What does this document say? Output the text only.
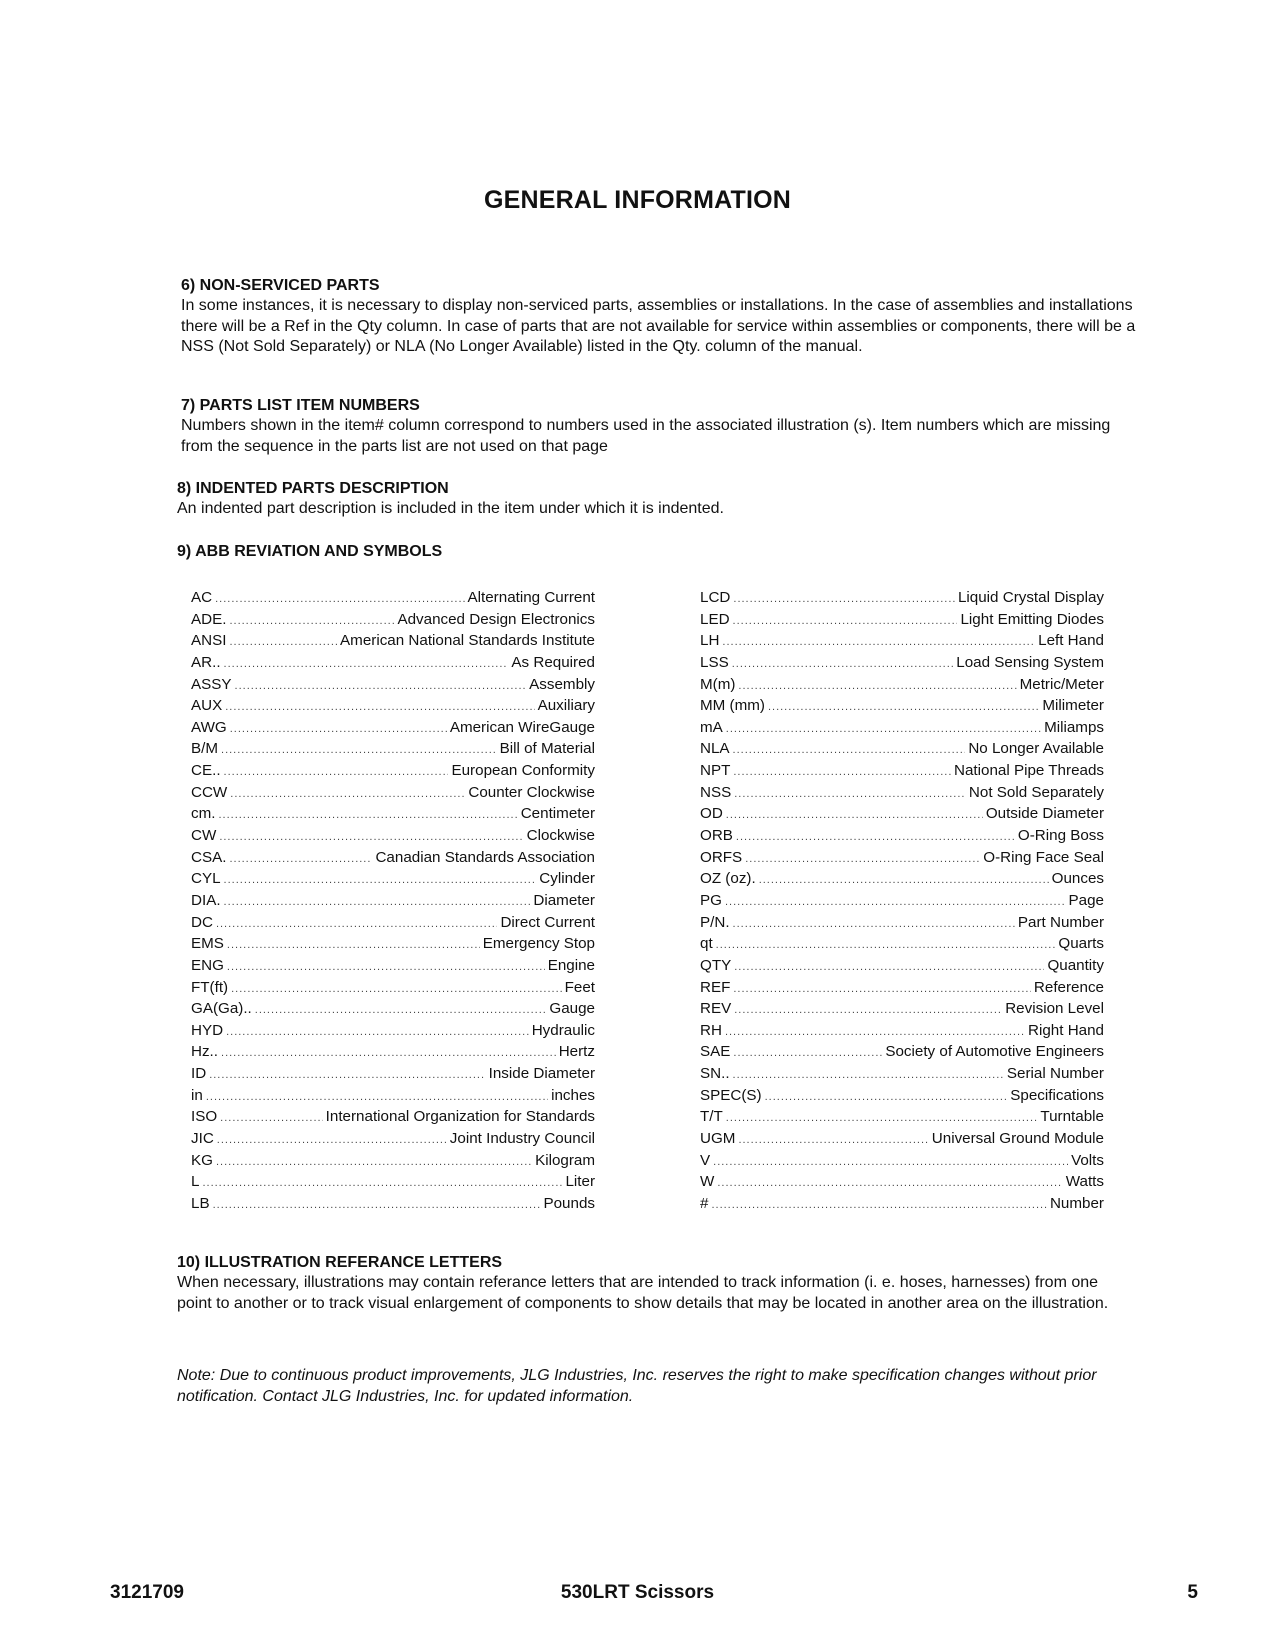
GENERAL INFORMATION

6) NON-SERVICED PARTS

In some instances, it is necessary to display non-serviced parts, assemblies or installations. In the case of assemblies and installations there will be a Ref in the Qty column. In case of parts that are not available for service within assemblies or components, there will be a NSS (Not Sold Separately) or NLA (No Longer Available) listed in the Qty. column of the manual.

7) PARTS LIST ITEM NUMBERS

Numbers shown in the item# column correspond to numbers used in the associated illustration (s). Item numbers which are missing from the sequence in the parts list are not used on that page

8) INDENTED PARTS DESCRIPTION

An indented part description is included in the item under which it is indented.

9) ABB REVIATION AND SYMBOLS

AC .....	Alternating Current
ADE. .....	Advanced Design Electronics
ANSI .....	American National Standards Institute
AR.. .....	As Required
ASSY .....	Assembly
AUX .....	Auxiliary
AWG .....	American WireGauge
B/M .....	Bill of Material
CE.. .....	European Conformity
CCW .....	Counter Clockwise
cm. .....	Centimeter
CW .....	Clockwise
CSA. .....	Canadian Standards Association
CYL .....	Cylinder
DIA. .....	Diameter
DC .....	Direct Current
EMS .....	Emergency Stop
ENG .....	Engine
FT(ft) .....	Feet
GA(Ga).. .....	Gauge
HYD .....	Hydraulic
Hz.. .....	Hertz
ID .....	Inside Diameter
in .....	inches
ISO .....	International Organization for Standards
JIC .....	Joint Industry Council
KG .....	Kilogram
L .....	Liter
LB .....	Pounds
LCD .....	Liquid Crystal Display
LED .....	Light Emitting Diodes
LH .....	Left Hand
LSS .....	Load Sensing System
M(m) .....	Metric/Meter
MM (mm) .....	Milimeter
mA .....	Miliamps
NLA .....	No Longer Available
NPT .....	National Pipe Threads
NSS .....	Not Sold Separately
OD .....	Outside Diameter
ORB .....	O-Ring Boss
ORFS .....	O-Ring Face Seal
OZ (oz). .....	Ounces
PG .....	Page
P/N. .....	Part Number
qt .....	Quarts
QTY .....	Quantity
REF .....	Reference
REV .....	Revision Level
RH .....	Right Hand
SAE .....	Society of Automotive Engineers
SN.. .....	Serial Number
SPEC(S) .....	Specifications
T/T .....	Turntable
UGM .....	Universal Ground Module
V .....	Volts
W .....	Watts
# .....	Number

10) ILLUSTRATION REFERANCE LETTERS

When necessary, illustrations may contain referance letters that are intended to track information (i. e. hoses, harnesses) from one point to another or to track visual enlargement of components to show details that may be located in another area on the illustration.

Note: Due to continuous product improvements, JLG Industries, Inc. reserves the right to make specification changes without prior notification. Contact JLG Industries, Inc. for updated information.

3121709	530LRT Scissors	5
